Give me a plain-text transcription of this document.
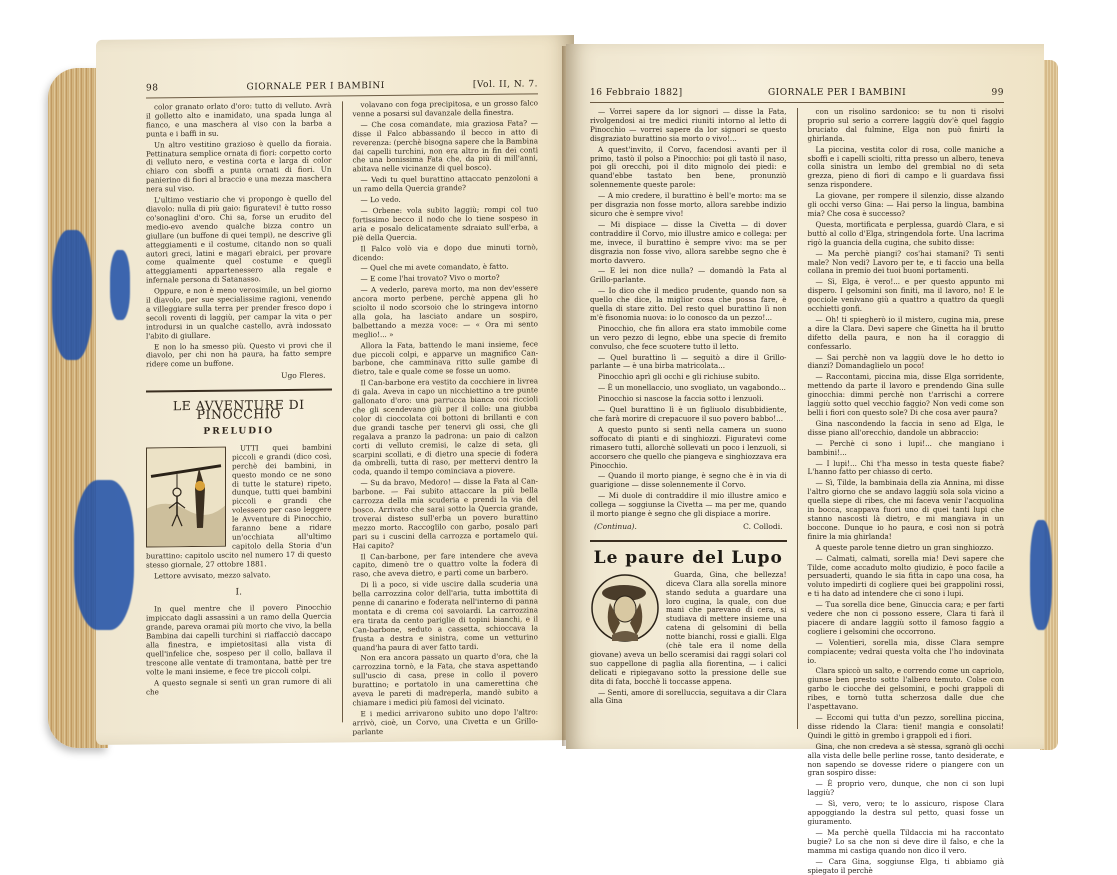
98	GIORNALE PER I BAMBINI	[Vol. II, N. 7.

color granato orlato d'oro: tutto di velluto. Avrà il golletto alto e inamidato, una spada lunga al fianco, e una maschera al viso con la barba a punta e i baffi in su.

Un altro vestitino grazioso è quello da fioraia. Pettinatura semplice ornata di fiori: corpetto corto di velluto nero, e vestina corta e larga di color chiaro con sboffi a punta ornati di fiori. Un panierino di fiori al braccio e una mezza maschera nera sul viso.

L'ultimo vestiario che vi propongo è quello del diavolo: nulla di più gaio: figuratevi! è tutto rosso co'sonaglini d'oro. Chi sa, forse un erudito del medio-evo avendo qualche bizza contro un giullare (un buffone di quei tempi), ne descrive gli atteggiamenti e il costume, citando non so quali autori greci, latini e magari ebraici, per provare come qualmente quel costume e quegli atteggiamenti appartenessero alla regale e infernale persona di Satanasso.

Oppure, e non è meno verosimile, un bel giorno il diavolo, per sue specialissime ragioni, venendo a villeggiare sulla terra per prender fresco dopo i secoli roventi di laggiù, per campar la vita o per introdursi in un qualche castello, avrà indossato l'abito di giullare.

E non lo ha smesso più. Questo vi provi che il diavolo, per chi non ha paura, ha fatto sempre ridere come un buffone.

Ugo Fleres.
LE AVVENTURE DI PINOCCHIO
PRELUDIO

UTTI quei bambini piccoli e grandi (dico così, perchè dei bambini, in questo mondo ce ne sono di tutte le stature) ripeto, dunque, tutti quei bambini piccoli e grandi che volessero per caso leggere le Avventure di Pinocchio, faranno bene a ridare un'occhiata all'ultimo capitolo della Storia d'un burattino: capitolo uscito nel numero 17 di questo stesso giornale, 27 ottobre 1881.

Lettore avvisato, mezzo salvato.

I.

In quel mentre che il povero Pinocchio impiccato dagli assassini a un ramo della Quercia grande, pareva oramai più morto che vivo, la bella Bambina dai capelli turchini si riaffacciò daccapo alla finestra, e impietositasi alla vista di quell'infelice che, sospeso per il collo, ballava il trescone alle ventate di tramontana, battè per tre volte le mani insieme, e fece tre piccoli colpi.

A questo segnale si sentì un gran rumore di ali che

volavano con foga precipitosa, e un grosso falco venne a posarsi sul davanzale della finestra.

— Che cosa comandate, mia graziosa Fata? — disse il Falco abbassando il becco in atto di reverenza: (perchè bisogna sapere che la Bambina dai capelli turchini, non era altro in fin dei conti che una bonissima Fata che, da più di mill'anni, abitava nelle vicinanze di quel bosco).

— Vedi tu quel burattino attaccato penzoloni a un ramo della Quercia grande?

— Lo vedo.

— Orbene: vola subito laggiù; rompi col tuo fortissimo becco il nodo che lo tiene sospeso in aria e posalo delicatamente sdraiato sull'erba, a piè della Quercia.

Il Falco volò via e dopo due minuti tornò, dicendo:

— Quel che mi avete comandato, è fatto.

— E come l'hai trovato? Vivo o morto?

— A vederlo, pareva morto, ma non dev'essere ancora morto perbene, perchè appena gli ho sciolto il nodo scorsoio che lo stringeva intorno alla gola, ha lasciato andare un sospiro, balbettando a mezza voce: — « Ora mi sento meglio!... »

Allora la Fata, battendo le mani insieme, fece due piccoli colpi, e apparve un magnifico Can-barbone, che camminava ritto sulle gambe di dietro, tale e quale come se fosse un uomo.

Il Can-barbone era vestito da cocchiere in livrea di gala. Aveva in capo un nicchiettino a tre punte gallonato d'oro: una parrucca bianca coi riccioli che gli scendevano giù per il collo: una giubba color di cioccolata coi bottoni di brillanti e con due grandi tasche per tenervi gli ossi, che gli regalava a pranzo la padrona: un paio di calzon corti di velluto cremisi, le calze di seta, gli scarpini scollati, e di dietro una specie di fodera da ombrelli, tutta di raso, per mettervi dentro la coda, quando il tempo cominciava a piovere.

— Su da bravo, Medoro! — disse la Fata al Can-barbone. — Fai subito attaccare la più bella carrozza della mia scuderia e prendi la via del bosco. Arrivato che sarai sotto la Quercia grande, troverai disteso sull'erba un povero burattino mezzo morto. Raccoglilo con garbo, posalo pari pari su i cuscini della carrozza e portamelo qui. Hai capito?

Il Can-barbone, per fare intendere che aveva capito, dimenò tre o quattro volte la fodera di raso, che aveva dietro, e partì come un barbero.

Di lì a poco, si vide uscire dalla scuderia una bella carrozzina color dell'aria, tutta imbottita di penne di canarino e foderata nell'interno di panna montata e di crema coi savoiardi. La carrozzina era tirata da cento pariglie di topini bianchi, e il Can-barbone, seduto a cassetta, schioccava la frusta a destra e sinistra, come un vetturino quand'ha paura di aver fatto tardi.

Non era ancora passato un quarto d'ora, che la carrozzina tornò, e la Fata, che stava aspettando sull'uscio di casa, prese in collo il povero burattino; e portatolo in una camerettina che aveva le pareti di madreperla, mandò subito a chiamare i medici più famosi del vicinato.

E i medici arrivarono subito uno dopo l'altro: arrivò, cioè, un Corvo, una Civetta e un Grillo-parlante

16 Febbraio 1882]	GIORNALE PER I BAMBINI	99

— Vorrei sapere da lor signori — disse la Fata, rivolgendosi ai tre medici riuniti intorno al letto di Pinocchio — vorrei sapere da lor signori se questo disgraziato burattino sia morto o vivo!...

A quest'invito, il Corvo, facendosi avanti per il primo, tastò il polso a Pinocchio: poi gli tastò il naso, poi gli orecchi, poi il dito mignolo dei piedi: e quand'ebbe tastato ben bene, pronunziò solennemente queste parole:

— A mio credere, il burattino è bell'e morto: ma se per disgrazia non fosse morto, allora sarebbe indizio sicuro che è sempre vivo!

— Mi dispiace — disse la Civetta — di dover contraddire il Corvo, mio illustre amico e collega: per me, invece, il burattino è sempre vivo: ma se per disgrazia non fosse vivo, allora sarebbe segno che è morto davvero.

— E lei non dice nulla? — domandò la Fata al Grillo-parlante.

— Io dico che il medico prudente, quando non sa quello che dice, la miglior cosa che possa fare, è quella di stare zitto. Del resto quel burattino lì non m'è fisonomia nuova: io lo conosco da un pezzo!...

Pinocchio, che fin allora era stato immobile come un vero pezzo di legno, ebbe una specie di fremito convulso, che fece scuotere tutto il letto.

— Quel burattino lì — seguitò a dire il Grillo-parlante — è una birba matricolata...

Pinocchio aprì gli occhi e gli richiuse subito.

— È un monellaccio, uno svogliato, un vagabondo...

Pinocchio si nascose la faccia sotto i lenzuoli.

— Quel burattino lì è un figliuolo disubbidiente, che farà morire di crepacuore il suo povero babbo!...

A questo punto si sentì nella camera un suono soffocato di pianti e di singhiozzi. Figuratevi come rimasero tutti, allorchè sollevati un poco i lenzuoli, si accorsero che quello che piangeva e singhiozzava era Pinocchio.

— Quando il morto piange, è segno che è in via di guarigione — disse solennemente il Corvo.

— Mi duole di contraddire il mio illustre amico e collega — soggiunse la Civetta — ma per me, quando il morto piange è segno che gli dispiace a morire.

(Continua).	C. Collodi.
Le paure del Lupo

Guarda, Gina, che bellezza! diceva Clara alla sorella minore stando seduta a guardare una loro cugina, la quale, con due mani che parevano di cera, si studiava di mettere insieme una catena di gelsomini di bella notte bianchi, rossi e gialli. Elga (chè tale era il nome della giovane) aveva un bello sceramisi dai raggi solari col suo cappellone di paglia alla fiorentina, — i calici delicati e ripiegavano sotto la pressione delle sue dita di fata, bocchè li toccasse appena.

— Senti, amore di sorelluccia, seguitava a dir Clara alla Gina

con un risolino sardonico: se tu non ti risolvi proprio sul serio a correre laggiù dov'è quel faggio bruciato dal fulmine, Elga non può finirti la ghirlanda.

La piccina, vestita color di rosa, colle maniche a sboffi e i capelli sciolti, ritta presso un albero, teneva colla sinistra un lembo del grembial no di seta grezza, pieno di fiori di campo e li guardava fissi senza rispondere.

La giovane, per rompere il silenzio, disse alzando gli occhi verso Gina: — Hai perso la lingua, bambina mia? Che cosa è successo?

Questa, mortificata e perplessa, guardò Clara, e si buttò al collo d'Elga, stringendola forte. Una lacrima rigò la guancia della cugina, che subito disse:

— Ma perchè piangi? cos'hai stamani? Ti senti male? Non vedi? Lavoro per te, e ti faccio una bella collana in premio dei tuoi buoni portamenti.

— Sì, Elga, è vero!... e per questo appunto mi dispero. I gelsomini son finiti, ma il lavoro, no! E le gocciole venivano giù a quattro a quattro da quegli occhietti gonfi.

— Oh! ti spiegherò io il mistero, cugina mia, prese a dire la Clara. Devi sapere che Ginetta ha il brutto difetto della paura, e non ha il coraggio di confessarlo.

— Sai perchè non va laggiù dove le ho detto io dianzi? Domandaglielo un poco!

— Raccontami, piccina mia, disse Elga sorridente, mettendo da parte il lavoro e prendendo Gina sulle ginocchia: dimmi perchè non t'arrischi a correre laggiù sotto quel vecchio faggio? Non vedi come son belli i fiori con questo sole? Di che cosa aver paura?

Gina nascondendo la faccia in seno ad Elga, le disse piano all'orecchio, dandole un abbraccio:

— Perchè ci sono i lupi!... che mangiano i bambini!...

— I lupi!... Chi t'ha messo in testa queste fiabe? L'hanno fatto per chiasso di certo.

— Sì, Tilde, la bambinaia della zia Annina, mi disse l'altro giorno che se andavo laggiù sola sola vicino a quella siepe di ribes, che mi faceva venir l'acquolina in bocca, scappava fuori uno di quei tanti lupi che stanno nascosti là dietro, e mi mangiava in un boccone. Dunque io ho paura, e così non si potrà finire la mia ghirlanda!

A queste parole tenne dietro un gran singhiozzo.

— Calmati, calmati, sorella mia! Devi sapere che Tilde, come accaduto molto giudizio, è poco facile a persuaderti, quando le sia fitta in capo una cosa, ha voluto impedirti di cogliere quei bei grappolini rossi, e ti ha dato ad intendere che ci sono i lupi.

— Tua sorella dice bene, Ginuccia cara; e per farti vedere che non ci possono essere, Clara ti farà il piacere di andare laggiù sotto il famoso faggio a cogliere i gelsomini che occorrono.

— Volentieri, sorella mia, disse Clara sempre compiacente; vedrai questa volta che l'ho indovinata io.

Clara spiccò un salto, e correndo come un capriolo, giunse ben presto sotto l'albero temuto. Colse con garbo le ciocche dei gelsomini, e pochi grappoli di ribes, e tornò tutta scherzosa dalle due che l'aspettavano.

— Eccomi qui tutta d'un pezzo, sorellina piccina, disse ridendo la Clara: tieni! mangia e consolati! Quindi le gittò in grembo i grappoli ed i fiori.

Gina, che non credeva a sè stessa, sgranò gli occhi alla vista delle belle perline rosse, tanto desiderate, e non sapendo se dovesse ridere o piangere con un gran sospiro disse:

— È proprio vero, dunque, che non ci son lupi laggiù?

— Sì, vero, vero; te lo assicuro, rispose Clara appoggiando la destra sul petto, quasi fosse un giuramento.

— Ma perchè quella Tildaccia mi ha raccontato bugie? Lo sa che non si deve dire il falso, e che la mamma mi castiga quando non dico il vero.

— Cara Gina, soggiunse Elga, ti abbiamo già spiegato il perchè
